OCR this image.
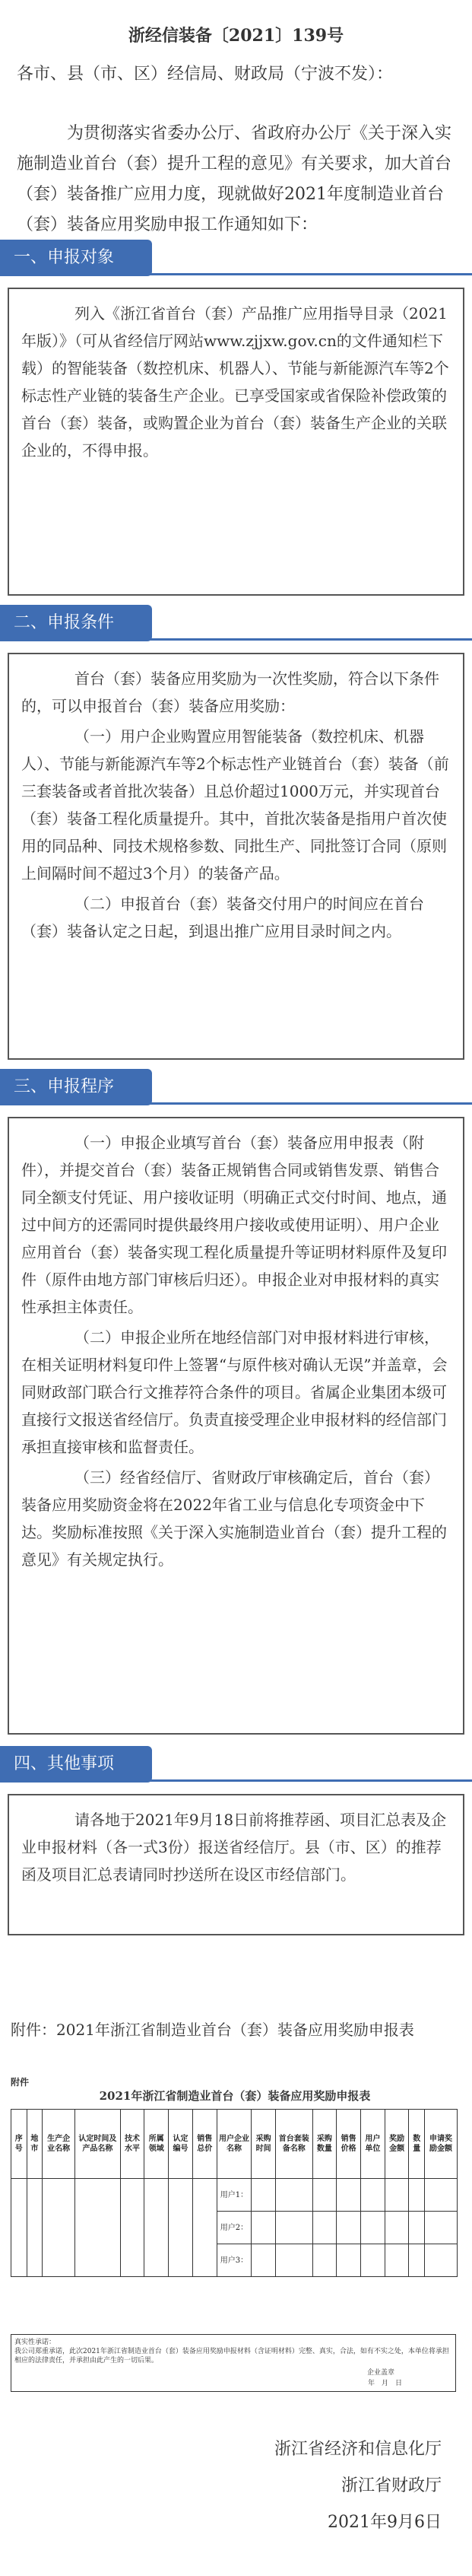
浙经信装备〔2021〕139号
各市、县（市、区）经信局、财政局（宁波不发）：
为贯彻落实省委办公厅、省政府办公厅《关于深入实施制造业首台（套）提升工程的意见》有关要求，加大首台（套）装备推广应用力度，现就做好2021年度制造业首台（套）装备应用奖励申报工作通知如下：
一、申报对象

列入《浙江省首台（套）产品推广应用指导目录（2021年版）》（可从省经信厅网站www.zjjxw.gov.cn的文件通知栏下载）的智能装备（数控机床、机器人）、节能与新能源汽车等2个标志性产业链的装备生产企业。已享受国家或省保险补偿政策的首台（套）装备，或购置企业为首台（套）装备生产企业的关联企业的，不得申报。

二、申报条件

首台（套）装备应用奖励为一次性奖励，符合以下条件的，可以申报首台（套）装备应用奖励：

（一）用户企业购置应用智能装备（数控机床、机器人）、节能与新能源汽车等2个标志性产业链首台（套）装备（前三套装备或者首批次装备）且总价超过1000万元，并实现首台（套）装备工程化质量提升。其中，首批次装备是指用户首次使用的同品种、同技术规格参数、同批生产、同批签订合同（原则上间隔时间不超过3个月）的装备产品。

（二）申报首台（套）装备交付用户的时间应在首台（套）装备认定之日起，到退出推广应用目录时间之内。

三、申报程序

（一）申报企业填写首台（套）装备应用申报表（附件），并提交首台（套）装备正规销售合同或销售发票、销售合同全额支付凭证、用户接收证明（明确正式交付时间、地点，通过中间方的还需同时提供最终用户接收或使用证明）、用户企业应用首台（套）装备实现工程化质量提升等证明材料原件及复印件（原件由地方部门审核后归还）。申报企业对申报材料的真实性承担主体责任。

（二）申报企业所在地经信部门对申报材料进行审核，在相关证明材料复印件上签署“与原件核对确认无误”并盖章，会同财政部门联合行文推荐符合条件的项目。省属企业集团本级可直接行文报送省经信厅。负责直接受理企业申报材料的经信部门承担直接审核和监督责任。

（三）经省经信厅、省财政厅审核确定后，首台（套）装备应用奖励资金将在2022年省工业与信息化专项资金中下达。奖励标准按照《关于深入实施制造业首台（套）提升工程的意见》有关规定执行。

四、其他事项

请各地于2021年9月18日前将推荐函、项目汇总表及企业申报材料（各一式3份）报送省经信厅。县（市、区）的推荐函及项目汇总表请同时抄送所在设区市经信部门。

附件：2021年浙江省制造业首台（套）装备应用奖励申报表
附件
2021年浙江省制造业首台（套）装备应用奖励申报表
序号	地市	生产企业名称	认定时间及产品名称	技术水平	所属领域	认定编号	销售总价	用户企业名称	采购时间	首台套装备名称	采购数量	销售价格	用户单位	奖励金额	数量	申请奖励金额
								用户1：								
								用户2：								
								用户3：								
真实性承诺：
我公司郑重承诺，此次2021年浙江省制造业首台（套）装备应用奖励申报材料（含证明材料）完整、真实，合法，如有不实之处，本单位将承担相应的法律责任，并承担由此产生的一切后果。
企业盖章
年　月　日
浙江省经济和信息化厅
浙江省财政厅
2021年9月6日
